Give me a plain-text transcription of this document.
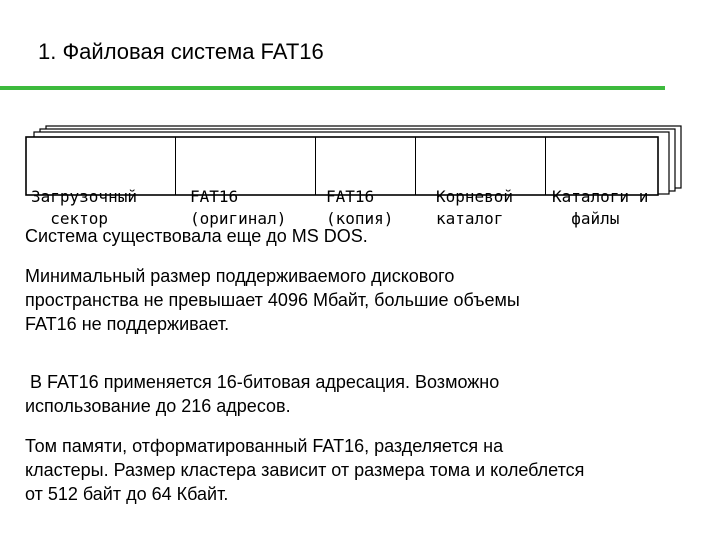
1. Файловая система FAT16

Загрузочный
сектор

FAT16
(оригинал)

FAT16
(копия)

Корневой
каталог

Каталоги и
файлы

Система существовала еще до MS DOS.
Минимальный размер поддерживаемого дискового
пространства не превышает 4096 Мбайт, большие объемы
FAT16 не поддерживает.
В FAT16 применяется 16-битовая адресация. Возможно
использование до 216 адресов.
Том памяти, отформатированный FAT16, разделяется на
кластеры. Размер кластера зависит от размера тома и колеблется
от 512 байт до 64 Кбайт.
